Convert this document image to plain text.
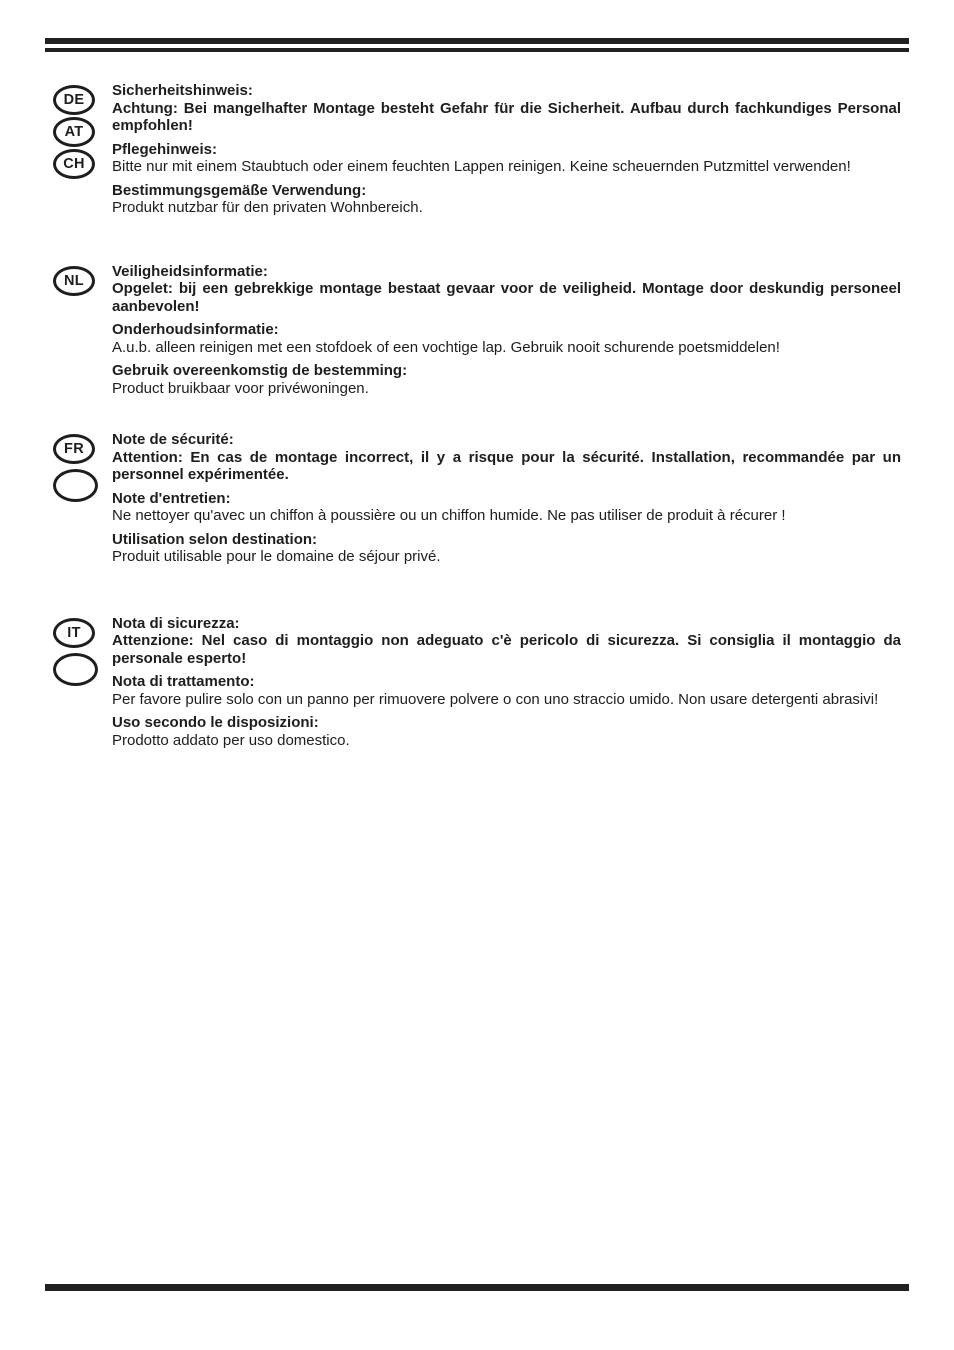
DE
AT
CH

Sicherheitshinweis:

Achtung: Bei mangelhafter Montage besteht Gefahr für die Sicherheit. Aufbau durch fachkundiges Personal empfohlen!

Pflegehinweis:

Bitte nur mit einem Staubtuch oder einem feuchten Lappen reinigen. Keine scheuernden Putzmittel verwenden!

Bestimmungsgemäße Verwendung:

Produkt nutzbar für den privaten Wohnbereich.

NL

Veiligheidsinformatie:

Opgelet: bij een gebrekkige montage bestaat gevaar voor de veiligheid. Montage door deskundig personeel aanbevolen!

Onderhoudsinformatie:

A.u.b. alleen reinigen met een stofdoek of een vochtige lap. Gebruik nooit schurende poetsmiddelen!

Gebruik overeenkomstig de bestemming:

Product bruikbaar voor privéwoningen.

FR

Note de sécurité:

Attention: En cas de montage incorrect, il y a risque pour la sécurité. Installation, recommandée par un personnel expérimentée.

Note d'entretien:

Ne nettoyer qu'avec un chiffon à poussière ou un chiffon humide. Ne pas utiliser de produit à récurer !

Utilisation selon destination:

Produit utilisable pour le domaine de séjour privé.

IT

Nota di sicurezza:

Attenzione: Nel caso di montaggio non adeguato c'è pericolo di sicurezza. Si consiglia il montaggio da personale esperto!

Nota di trattamento:

Per favore pulire solo con un panno per rimuovere polvere o con uno straccio umido. Non usare detergenti abrasivi!

Uso secondo le disposizioni:

Prodotto addato per uso domestico.
